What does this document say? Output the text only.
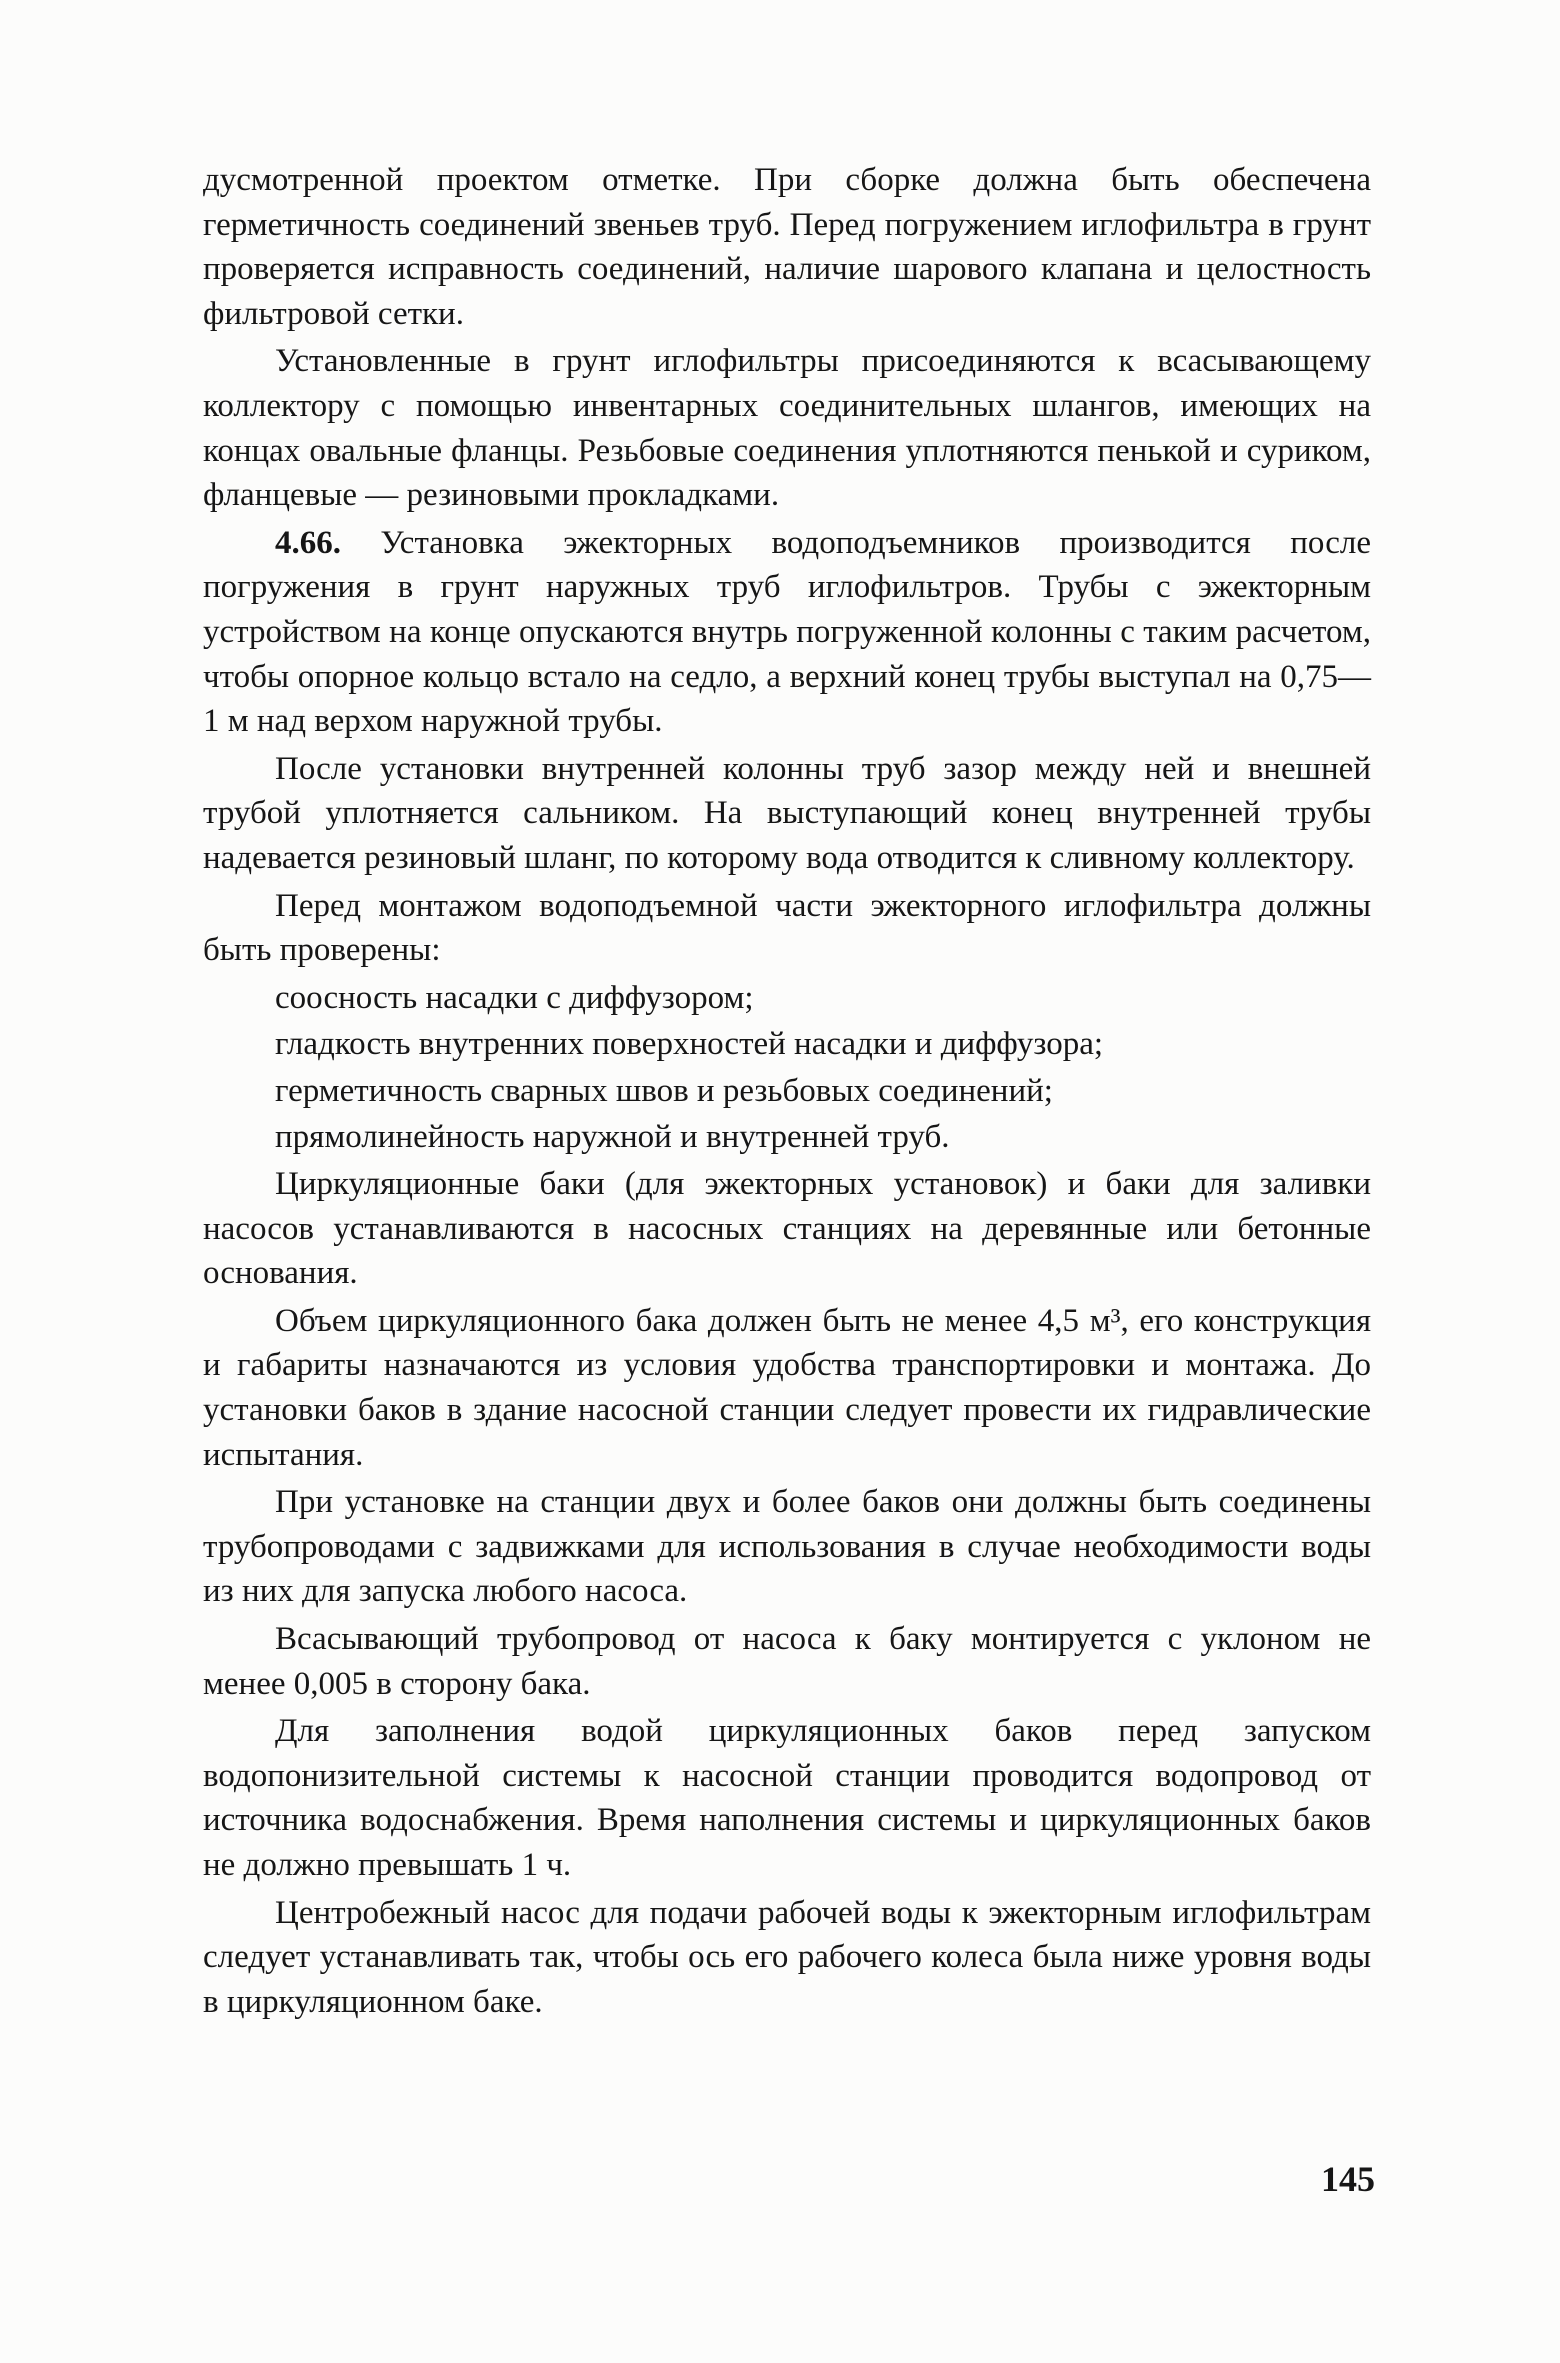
дусмотренной проектом отметке. При сборке должна быть обеспечена герметичность соединений звеньев труб. Перед погружением иглофильтра в грунт проверяется исправность соединений, наличие шарового клапана и целостность фильтровой сетки.

Установленные в грунт иглофильтры присоединяются к всасывающему коллектору с помощью инвентарных соединительных шлангов, имеющих на концах овальные фланцы. Резьбовые соединения уплотняются пенькой и суриком, фланцевые — резиновыми прокладками.

4.66. Установка эжекторных водоподъемников производится после погружения в грунт наружных труб иглофильтров. Трубы с эжекторным устройством на конце опускаются внутрь погруженной колонны с таким расчетом, чтобы опорное кольцо встало на седло, а верхний конец трубы выступал на 0,75—1 м над верхом наружной трубы.

После установки внутренней колонны труб зазор между ней и внешней трубой уплотняется сальником. На выступающий конец внутренней трубы надевается резиновый шланг, по которому вода отводится к сливному коллектору.

Перед монтажом водоподъемной части эжекторного иглофильтра должны быть проверены:

соосность насадки с диффузором;

гладкость внутренних поверхностей насадки и диффузора;

герметичность сварных швов и резьбовых соединений;

прямолинейность наружной и внутренней труб.

Циркуляционные баки (для эжекторных установок) и баки для заливки насосов устанавливаются в насосных станциях на деревянные или бетонные основания.

Объем циркуляционного бака должен быть не менее 4,5 м³, его конструкция и габариты назначаются из условия удобства транспортировки и монтажа. До установки баков в здание насосной станции следует провести их гидравлические испытания.

При установке на станции двух и более баков они должны быть соединены трубопроводами с задвижками для использования в случае необходимости воды из них для запуска любого насоса.

Всасывающий трубопровод от насоса к баку монтируется с уклоном не менее 0,005 в сторону бака.

Для заполнения водой циркуляционных баков перед запуском водопонизительной системы к насосной станции проводится водопровод от источника водоснабжения. Время наполнения системы и циркуляционных баков не должно превышать 1 ч.

Центробежный насос для подачи рабочей воды к эжекторным иглофильтрам следует устанавливать так, чтобы ось его рабочего колеса была ниже уровня воды в циркуляционном баке.

145
